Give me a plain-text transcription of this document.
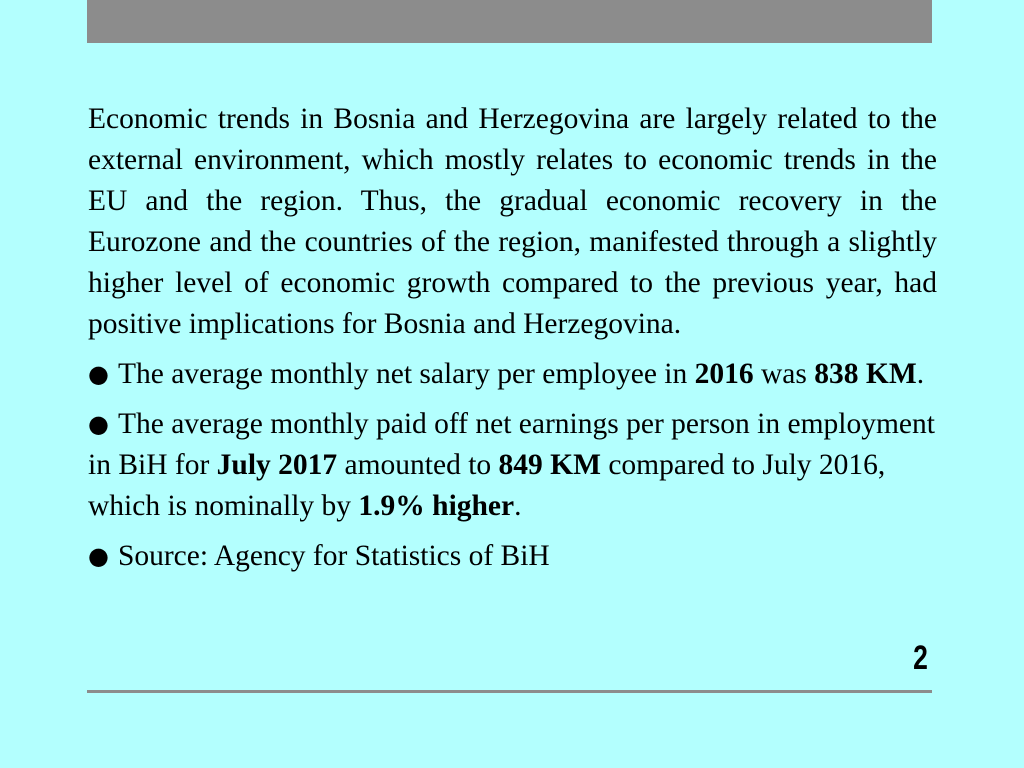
Economic trends in Bosnia and Herzegovina are largely related to the external environment, which mostly relates to economic trends in the EU and the region. Thus, the gradual economic recovery in the Eurozone and the countries of the region, manifested through a slightly higher level of economic growth compared to the previous year, had positive implications for Bosnia and Herzegovina.

● The average monthly net salary per employee in 2016 was 838 KM.

● The average monthly paid off net earnings per person in employment in BiH for July 2017 amounted to 849 KM compared to July 2016, which is nominally by 1.9% higher.

● Source: Agency for Statistics of BiH

2
